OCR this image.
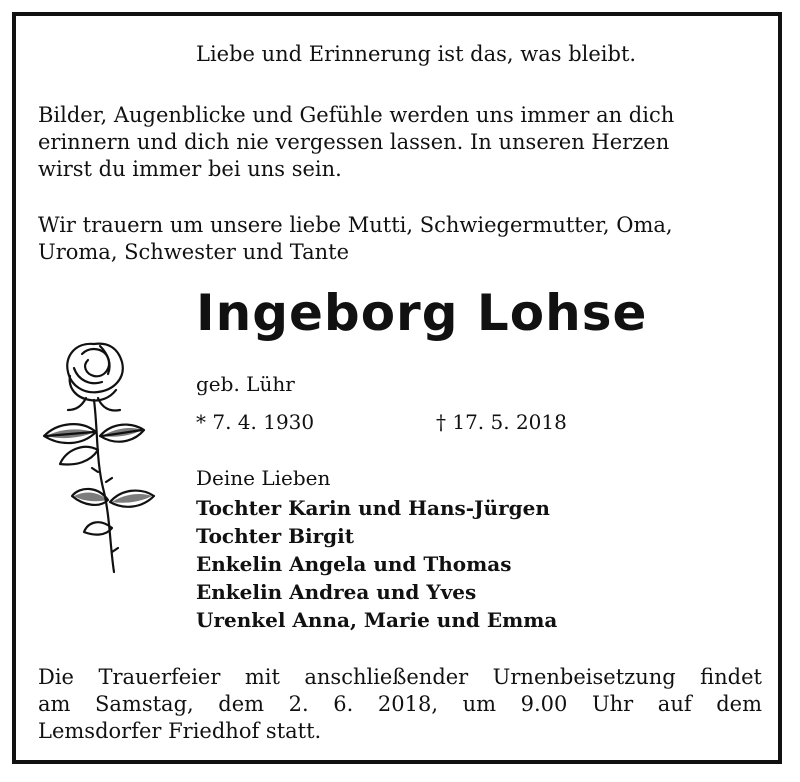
Liebe und Erinnerung ist das, was bleibt.

Bilder, Augenblicke und Gefühle werden uns immer an dich
erinnern und dich nie vergessen lassen. In unseren Herzen
wirst du immer bei uns sein.
Wir trauern um unsere liebe Mutti, Schwiegermutter, Oma,
Uroma, Schwester und Tante
Ingeborg Lohse
geb. Lühr
* 7. 4. 1930	† 17. 5. 2018
Deine Lieben
Tochter Karin und Hans-Jürgen
Tochter Birgit
Enkelin Angela und Thomas
Enkelin Andrea und Yves
Urenkel Anna, Marie und Emma
Die Trauerfeier mit anschließender Urnenbeisetzung findet
am Samstag, dem 2. 6. 2018, um 9.00 Uhr auf dem
Lemsdorfer Friedhof statt.
